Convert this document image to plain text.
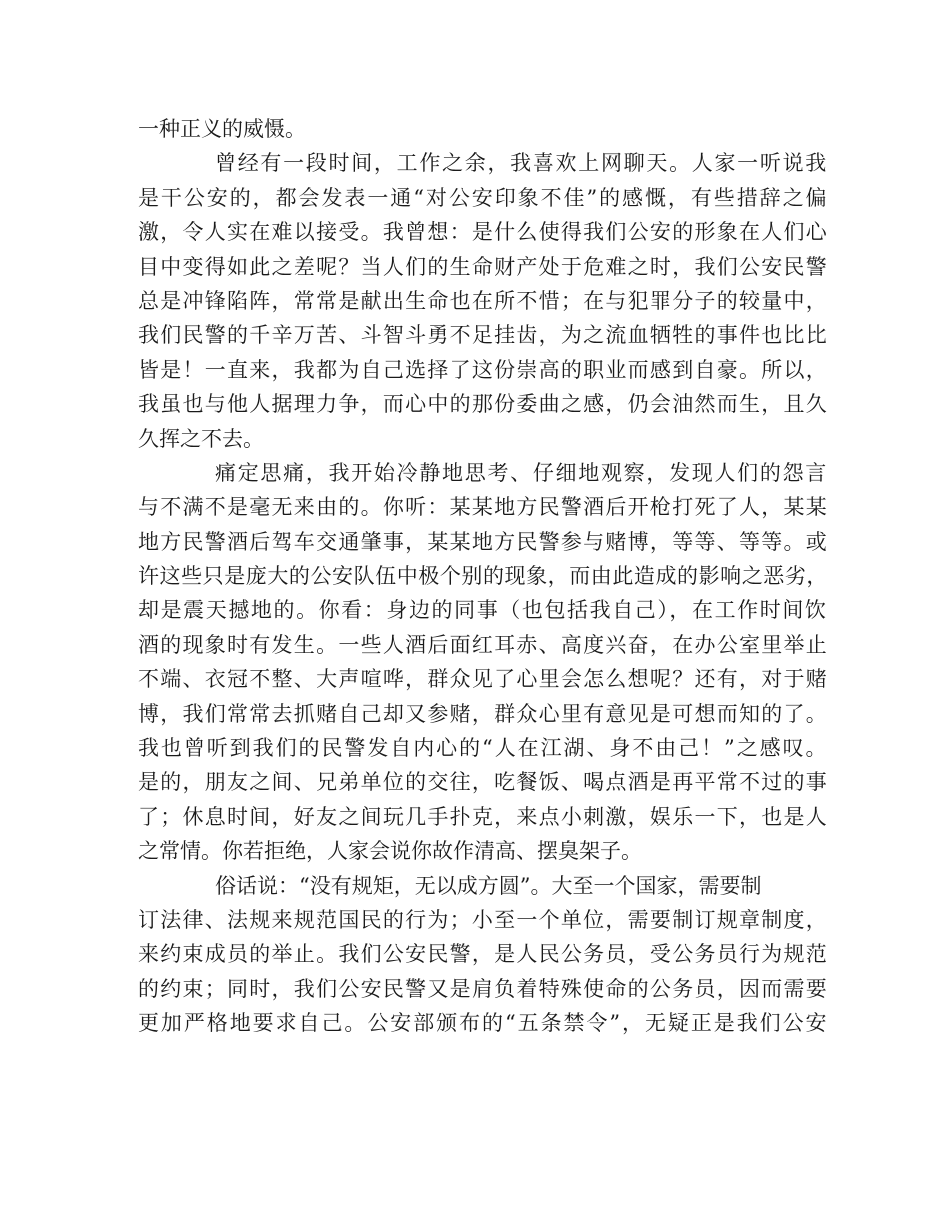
一种正义的威慑。
曾经有一段时间，工作之余，我喜欢上网聊天。人家一听说我
是干公安的，都会发表一通“对公安印象不佳”的感慨，有些措辞之偏
激，令人实在难以接受。我曾想：是什么使得我们公安的形象在人们心
目中变得如此之差呢？当人们的生命财产处于危难之时，我们公安民警
总是冲锋陷阵，常常是献出生命也在所不惜；在与犯罪分子的较量中，
我们民警的千辛万苦、斗智斗勇不足挂齿，为之流血牺牲的事件也比比
皆是！一直来，我都为自己选择了这份崇高的职业而感到自豪。所以，
我虽也与他人据理力争，而心中的那份委曲之感，仍会油然而生，且久
久挥之不去。
痛定思痛，我开始冷静地思考、仔细地观察，发现人们的怨言
与不满不是毫无来由的。你听：某某地方民警酒后开枪打死了人，某某
地方民警酒后驾车交通肇事，某某地方民警参与赌博，等等、等等。或
许这些只是庞大的公安队伍中极个别的现象，而由此造成的影响之恶劣，
却是震天撼地的。你看：身边的同事（也包括我自己），在工作时间饮
酒的现象时有发生。一些人酒后面红耳赤、高度兴奋，在办公室里举止
不端、衣冠不整、大声喧哗，群众见了心里会怎么想呢？还有，对于赌
博，我们常常去抓赌自己却又参赌，群众心里有意见是可想而知的了。
我也曾听到我们的民警发自内心的“人在江湖、身不由己！”之感叹。
是的，朋友之间、兄弟单位的交往，吃餐饭、喝点酒是再平常不过的事
了；休息时间，好友之间玩几手扑克，来点小刺激，娱乐一下，也是人
之常情。你若拒绝，人家会说你故作清高、摆臭架子。
俗话说：“没有规矩，无以成方圆”。大至一个国家，需要制
订法律、法规来规范国民的行为；小至一个单位，需要制订规章制度，
来约束成员的举止。我们公安民警，是人民公务员，受公务员行为规范
的约束；同时，我们公安民警又是肩负着特殊使命的公务员，因而需要
更加严格地要求自己。公安部颁布的“五条禁令”，无疑正是我们公安
